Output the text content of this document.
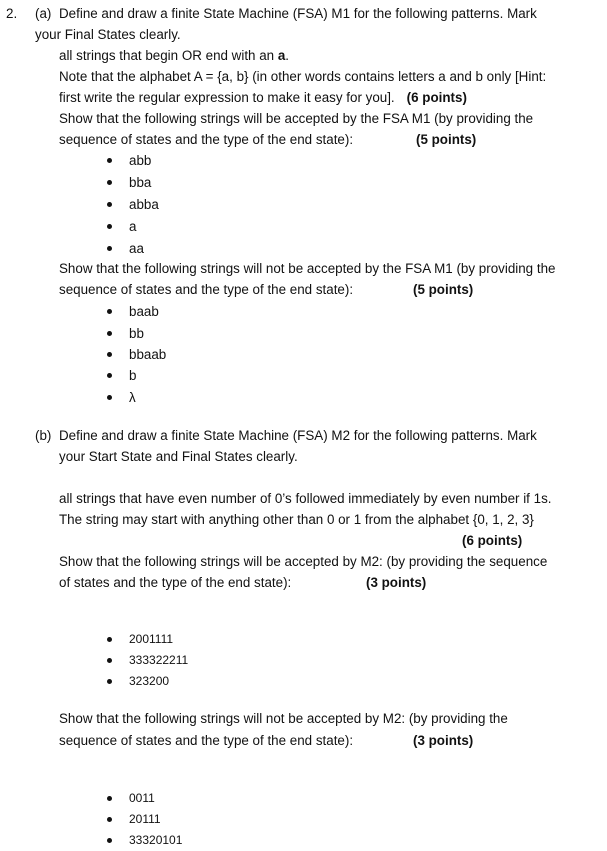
2. (a) Define and draw a finite State Machine (FSA) M1 for the following patterns. Mark
your Final States clearly.
all strings that begin OR end with an a.
Note that the alphabet A = {a, b} (in other words contains letters a and b only [Hint:
first write the regular expression to make it easy for you]. (6 points)
Show that the following strings will be accepted by the FSA M1 (by providing the
sequence of states and the type of the end state):	(5 points)
abb
bba
abba
a
aa
Show that the following strings will not be accepted by the FSA M1 (by providing the
sequence of states and the type of the end state):	(5 points)
baab
bb
bbaab
b
λ
(b) Define and draw a finite State Machine (FSA) M2 for the following patterns. Mark
your Start State and Final States clearly.
all strings that have even number of 0’s followed immediately by even number if 1s.
The string may start with anything other than 0 or 1 from the alphabet {0, 1, 2, 3}
(6 points)
Show that the following strings will be accepted by M2: (by providing the sequence
of states and the type of the end state):	(3 points)
2001111
333322211
323200
Show that the following strings will not be accepted by M2: (by providing the
sequence of states and the type of the end state):	(3 points)
0011
20111
33320101
